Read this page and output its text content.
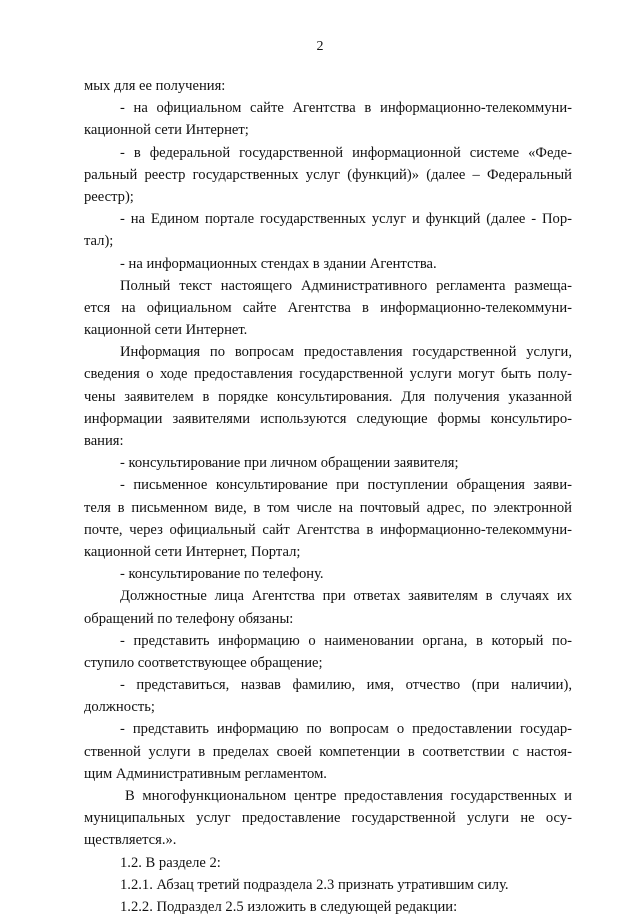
2
мых для ее получения:
- на официальном сайте Агентства в информационно-телекоммуни-
кационной сети Интернет;
- в федеральной государственной информационной системе «Феде-
ральный реестр государственных услуг (функций)» (далее – Федеральный
реестр);
- на Едином портале государственных услуг и функций (далее - Пор-
тал);
- на информационных стендах в здании Агентства.
Полный текст настоящего Административного регламента размеща-
ется на официальном сайте Агентства в информационно-телекоммуни-
кационной сети Интернет.
Информация по вопросам предоставления государственной услуги,
сведения о ходе предоставления государственной услуги могут быть полу-
чены заявителем в порядке консультирования. Для получения указанной
информации заявителями используются следующие формы консультиро-
вания:
- консультирование при личном обращении заявителя;
- письменное консультирование при поступлении обращения заяви-
теля в письменном виде, в том числе на почтовый адрес, по электронной
почте, через официальный сайт Агентства в информационно-телекоммуни-
кационной сети Интернет, Портал;
- консультирование по телефону.
Должностные лица Агентства при ответах заявителям в случаях их
обращений по телефону обязаны:
- представить информацию о наименовании органа, в который по-
ступило соответствующее обращение;
- представиться, назвав фамилию, имя, отчество (при наличии),
должность;
- представить информацию по вопросам о предоставлении государ-
ственной услуги в пределах своей компетенции в соответствии с настоя-
щим Административным регламентом.
В многофункциональном центре предоставления государственных и
муниципальных услуг предоставление государственной услуги не осу-
ществляется.».
1.2. В разделе 2:
1.2.1. Абзац третий подраздела 2.3 признать утратившим силу.
1.2.2. Подраздел 2.5 изложить в следующей редакции:
